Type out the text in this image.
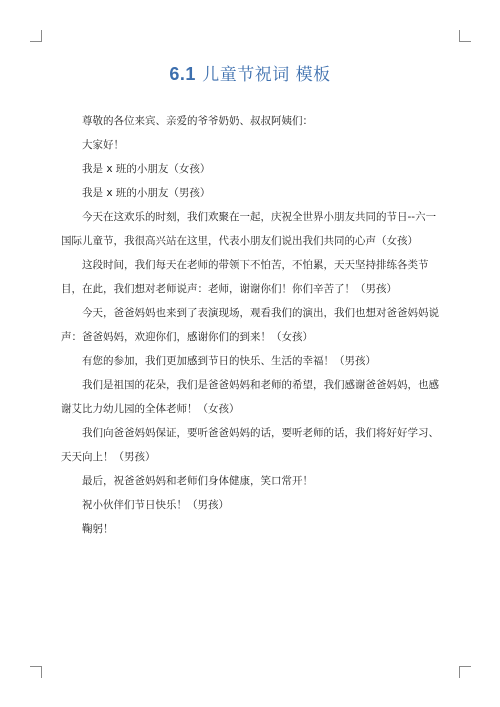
6.1 儿童节祝词 模板

尊敬的各位来宾、亲爱的爷爷奶奶、叔叔阿姨们：

大家好！

我是 x 班的小朋友（女孩）

我是 x 班的小朋友（男孩）

今天在这欢乐的时刻，我们欢聚在一起，庆祝全世界小朋友共同的节日--六一国际儿童节，我很高兴站在这里，代表小朋友们说出我们共同的心声（女孩）

这段时间，我们每天在老师的带领下不怕苦，不怕累，天天坚持排练各类节目，在此，我们想对老师说声：老师，谢谢你们！你们辛苦了！（男孩）

今天，爸爸妈妈也来到了表演现场，观看我们的演出，我们也想对爸爸妈妈说声：爸爸妈妈，欢迎你们，感谢你们的到来！（女孩）

有您的参加，我们更加感到节日的快乐、生活的幸福！（男孩）

我们是祖国的花朵，我们是爸爸妈妈和老师的希望，我们感谢爸爸妈妈，也感谢艾比力幼儿园的全体老师！（女孩）

我们向爸爸妈妈保证，要听爸爸妈妈的话，要听老师的话，我们将好好学习、天天向上！（男孩）

最后，祝爸爸妈妈和老师们身体健康，笑口常开！

祝小伙伴们节日快乐！（男孩）

鞠躬！
